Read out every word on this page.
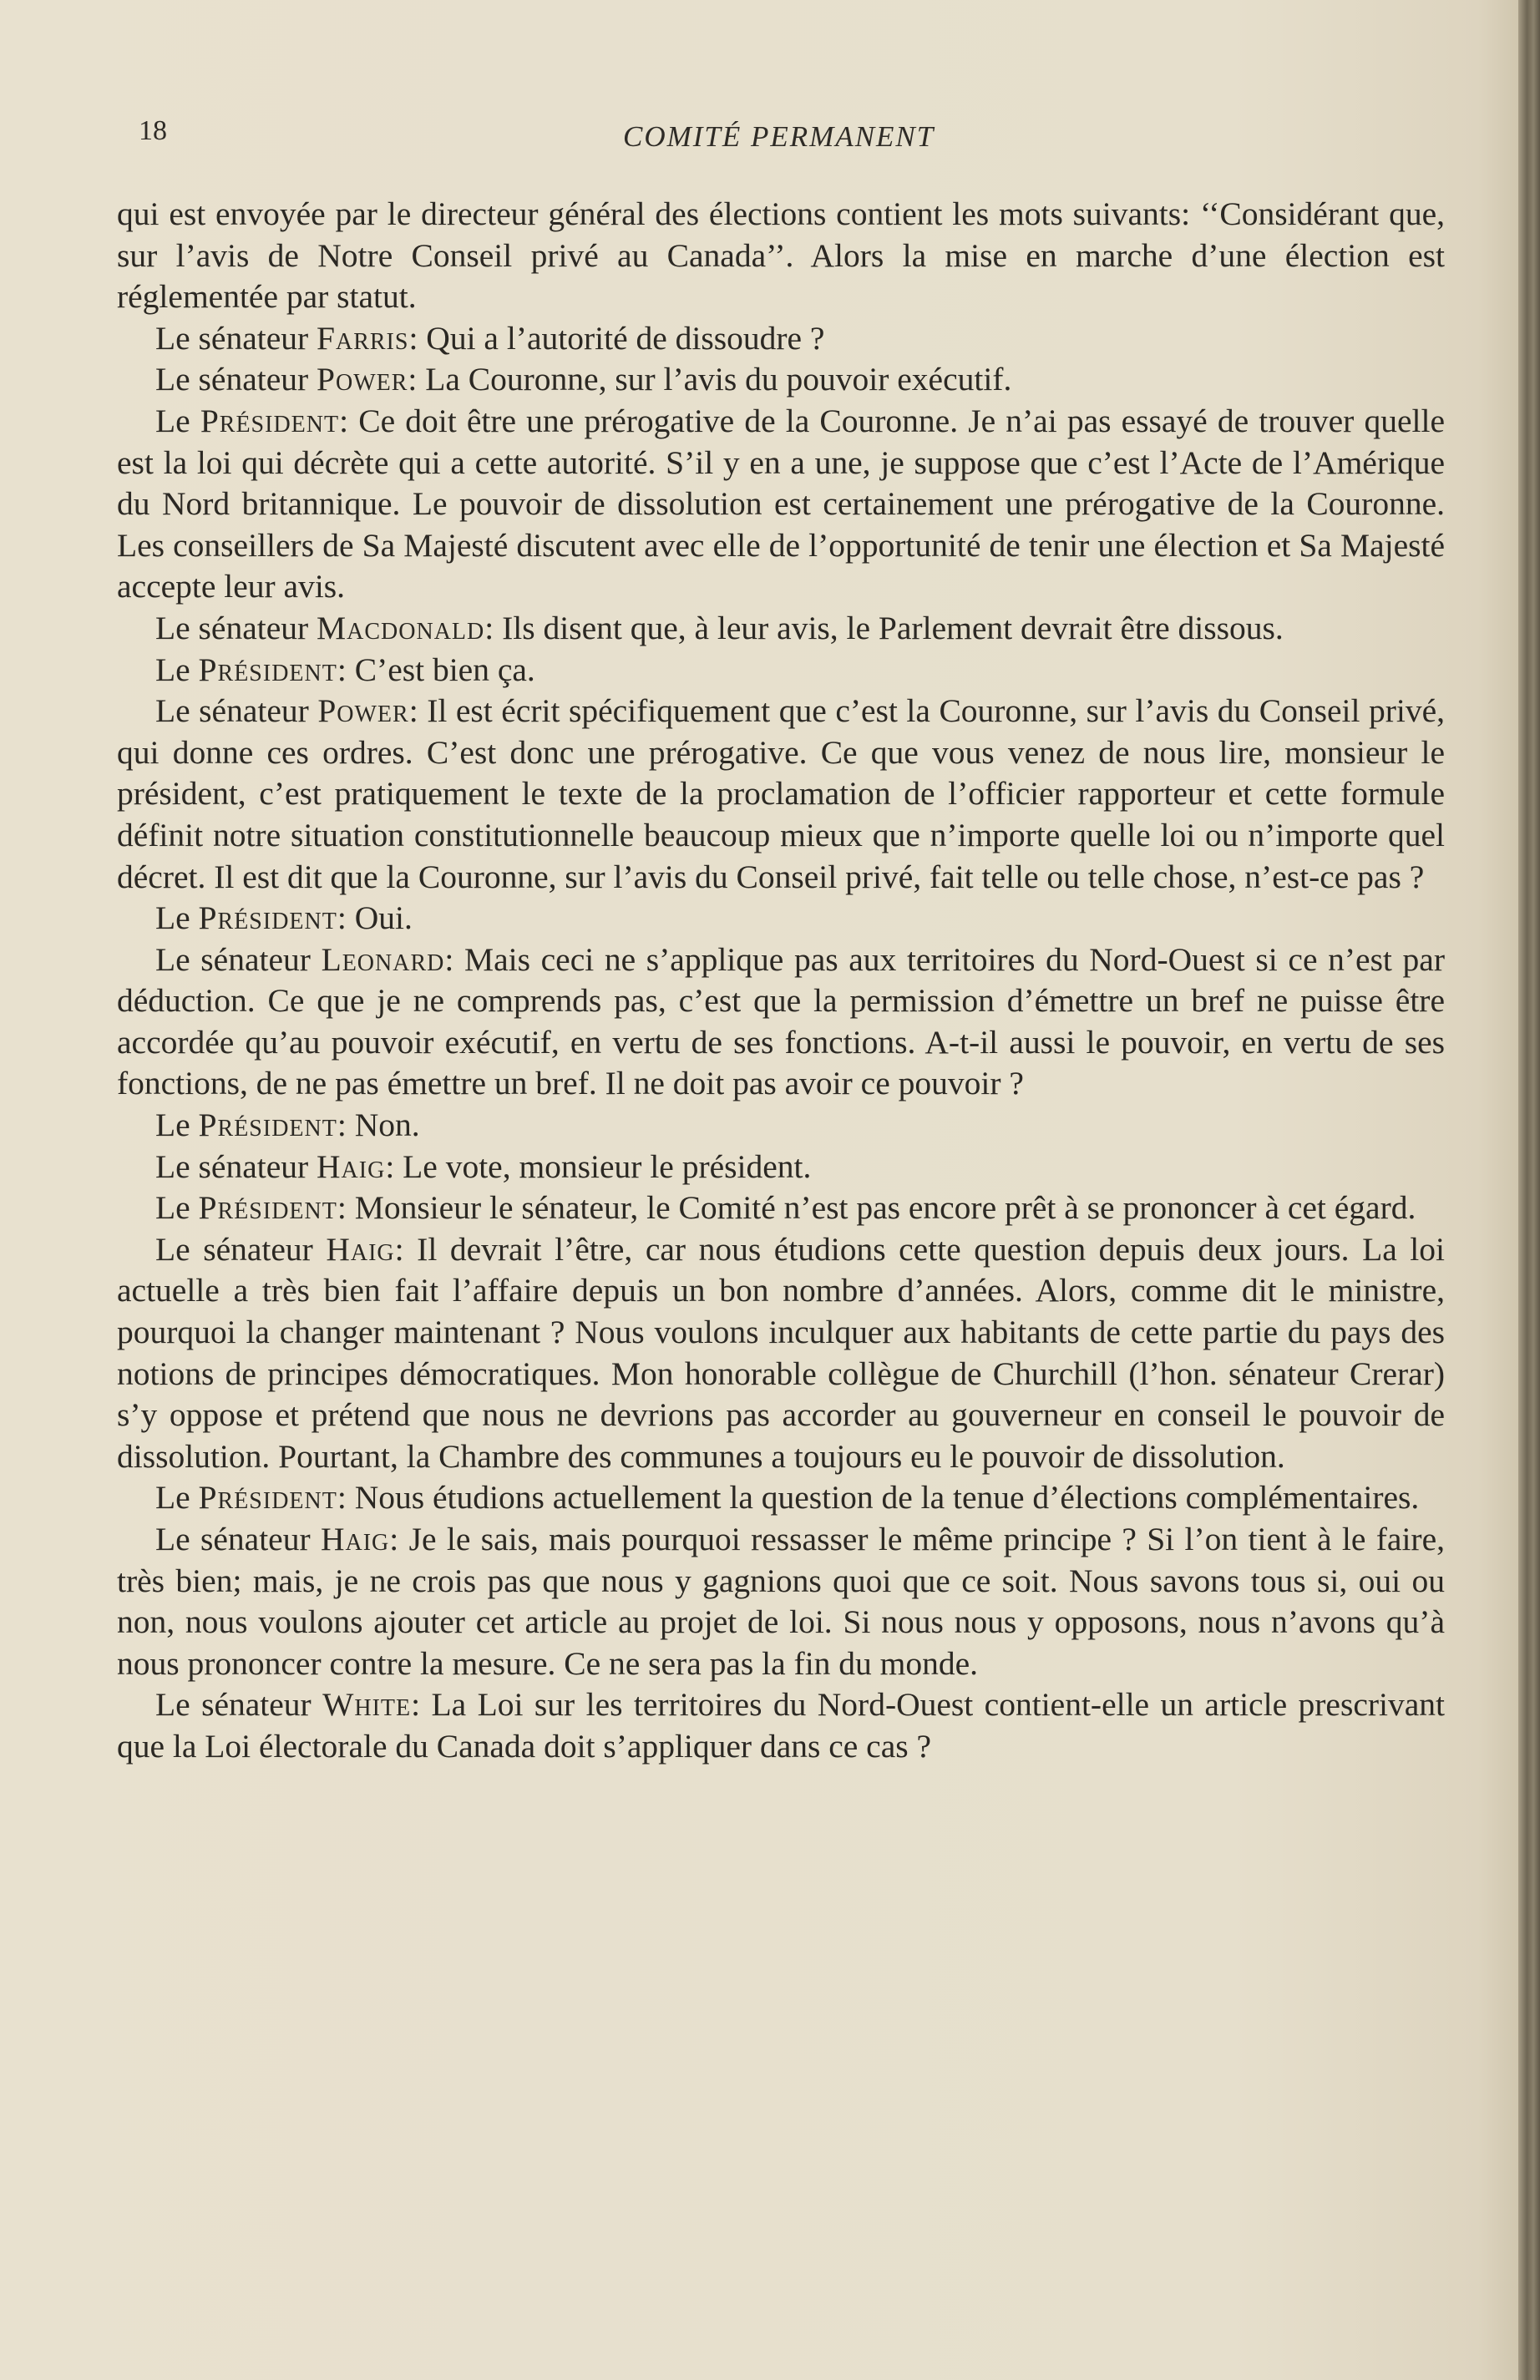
18	COMITÉ PERMANENT

qui est envoyée par le directeur général des élections contient les mots suivants: ‘‘Considérant que, sur l’avis de Notre Conseil privé au Canada’’. Alors la mise en marche d’une élection est réglementée par statut.

Le sénateur Farris: Qui a l’autorité de dissoudre ?

Le sénateur Power: La Couronne, sur l’avis du pouvoir exécutif.

Le Président: Ce doit être une prérogative de la Couronne. Je n’ai pas essayé de trouver quelle est la loi qui décrète qui a cette autorité. S’il y en a une, je suppose que c’est l’Acte de l’Amérique du Nord britannique. Le pouvoir de dissolution est certainement une prérogative de la Couronne. Les conseillers de Sa Majesté discutent avec elle de l’opportunité de tenir une élection et Sa Majesté accepte leur avis.

Le sénateur Macdonald: Ils disent que, à leur avis, le Parlement devrait être dissous.

Le Président: C’est bien ça.

Le sénateur Power: Il est écrit spécifiquement que c’est la Couronne, sur l’avis du Conseil privé, qui donne ces ordres. C’est donc une prérogative. Ce que vous venez de nous lire, monsieur le président, c’est pratiquement le texte de la proclamation de l’officier rapporteur et cette formule définit notre situation constitutionnelle beaucoup mieux que n’importe quelle loi ou n’importe quel décret. Il est dit que la Couronne, sur l’avis du Conseil privé, fait telle ou telle chose, n’est-ce pas ?

Le Président: Oui.

Le sénateur Leonard: Mais ceci ne s’applique pas aux territoires du Nord-Ouest si ce n’est par déduction. Ce que je ne comprends pas, c’est que la permission d’émettre un bref ne puisse être accordée qu’au pouvoir exécutif, en vertu de ses fonctions. A-t-il aussi le pouvoir, en vertu de ses fonctions, de ne pas émettre un bref. Il ne doit pas avoir ce pouvoir ?

Le Président: Non.

Le sénateur Haig: Le vote, monsieur le président.

Le Président: Monsieur le sénateur, le Comité n’est pas encore prêt à se prononcer à cet égard.

Le sénateur Haig: Il devrait l’être, car nous étudions cette question depuis deux jours. La loi actuelle a très bien fait l’affaire depuis un bon nombre d’années. Alors, comme dit le ministre, pourquoi la changer maintenant ? Nous voulons inculquer aux habitants de cette partie du pays des notions de principes démocratiques. Mon honorable collègue de Churchill (l’hon. sénateur Crerar) s’y oppose et prétend que nous ne devrions pas accorder au gouverneur en conseil le pouvoir de dissolution. Pourtant, la Chambre des communes a toujours eu le pouvoir de dissolution.

Le Président: Nous étudions actuellement la question de la tenue d’élections complémentaires.

Le sénateur Haig: Je le sais, mais pourquoi ressasser le même principe ? Si l’on tient à le faire, très bien; mais, je ne crois pas que nous y gagnions quoi que ce soit. Nous savons tous si, oui ou non, nous voulons ajouter cet article au projet de loi. Si nous nous y opposons, nous n’avons qu’à nous prononcer contre la mesure. Ce ne sera pas la fin du monde.

Le sénateur White: La Loi sur les territoires du Nord-Ouest contient-elle un article prescrivant que la Loi électorale du Canada doit s’appliquer dans ce cas ?
